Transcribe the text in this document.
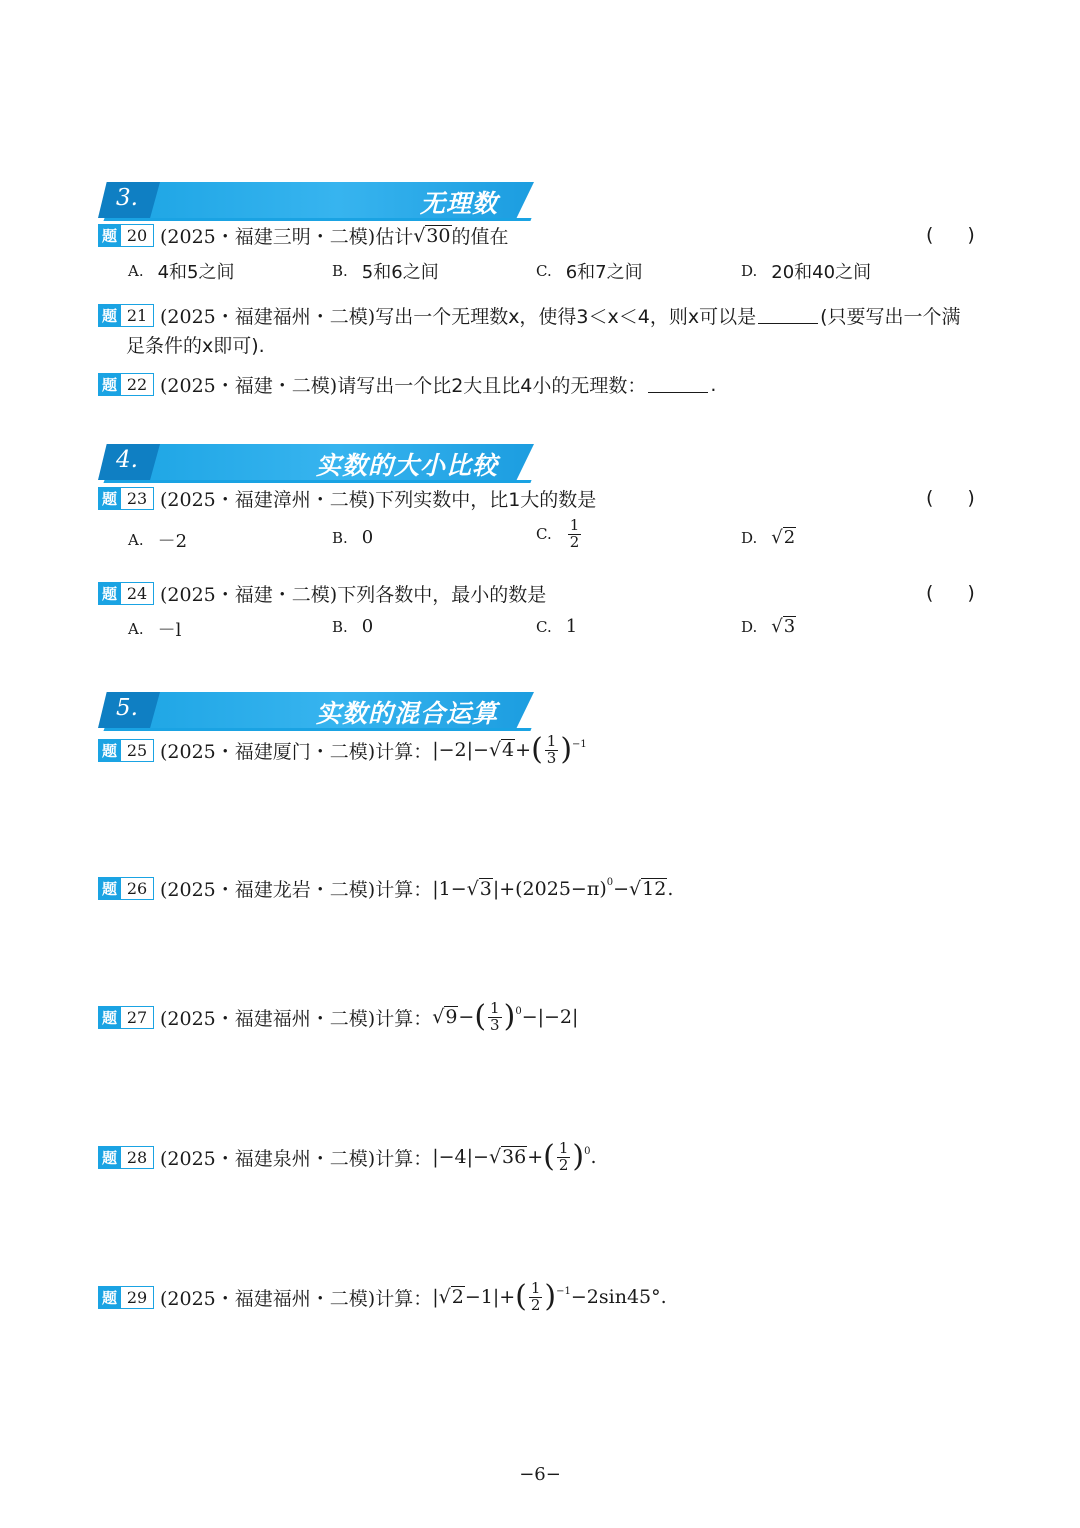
3.	无理数
题 20 (2025・福建三明・二模) 估计 √ 30 的值在	()
A. 4和5之间	B. 5和6之间	C. 6和7之间	D. 20和40之间
题 21 (2025・福建福州・二模) 写出一个无理数x，使得3＜x＜4，则x可以是	(只要写出一个满
足条件的x即可).
题 22 (2025・福建・二模) 请写出一个比2大且比4小的无理数：	.
4.	实数的大小比较
题 23 (2025・福建漳州・二模) 下列实数中，比1大的数是	()
A. －2	B. 0	C. $\frac{1}{2}$	D. √ 2
题 24 (2025・福建・二模) 下列各数中，最小的数是	()
A. －l	B. 0	C. 1	D. √ 3
5.	实数的混合运算
题 25 (2025・福建厦门・二模) 计算： |−2|− √ 4 + ( $\frac{1}{3} )^{-1}$
题 26 (2025・福建龙岩・二模) 计算： |1− √ 3 $|+(2025-\pi)^0$ − √ 12 .
题 27 (2025・福建福州・二模) 计算： √ 9 − ( $\frac{1}{3} )^0 -|-2|$
题 28 (2025・福建泉州・二模) 计算： |−4|− √ 36 + ( $\frac{1}{2} )^0$ .
题 29 (2025・福建福州・二模) 计算： | √ 2 −1|+ ( $\frac{1}{2} )^{-1} -2\sin 45^\circ$.
−6−
